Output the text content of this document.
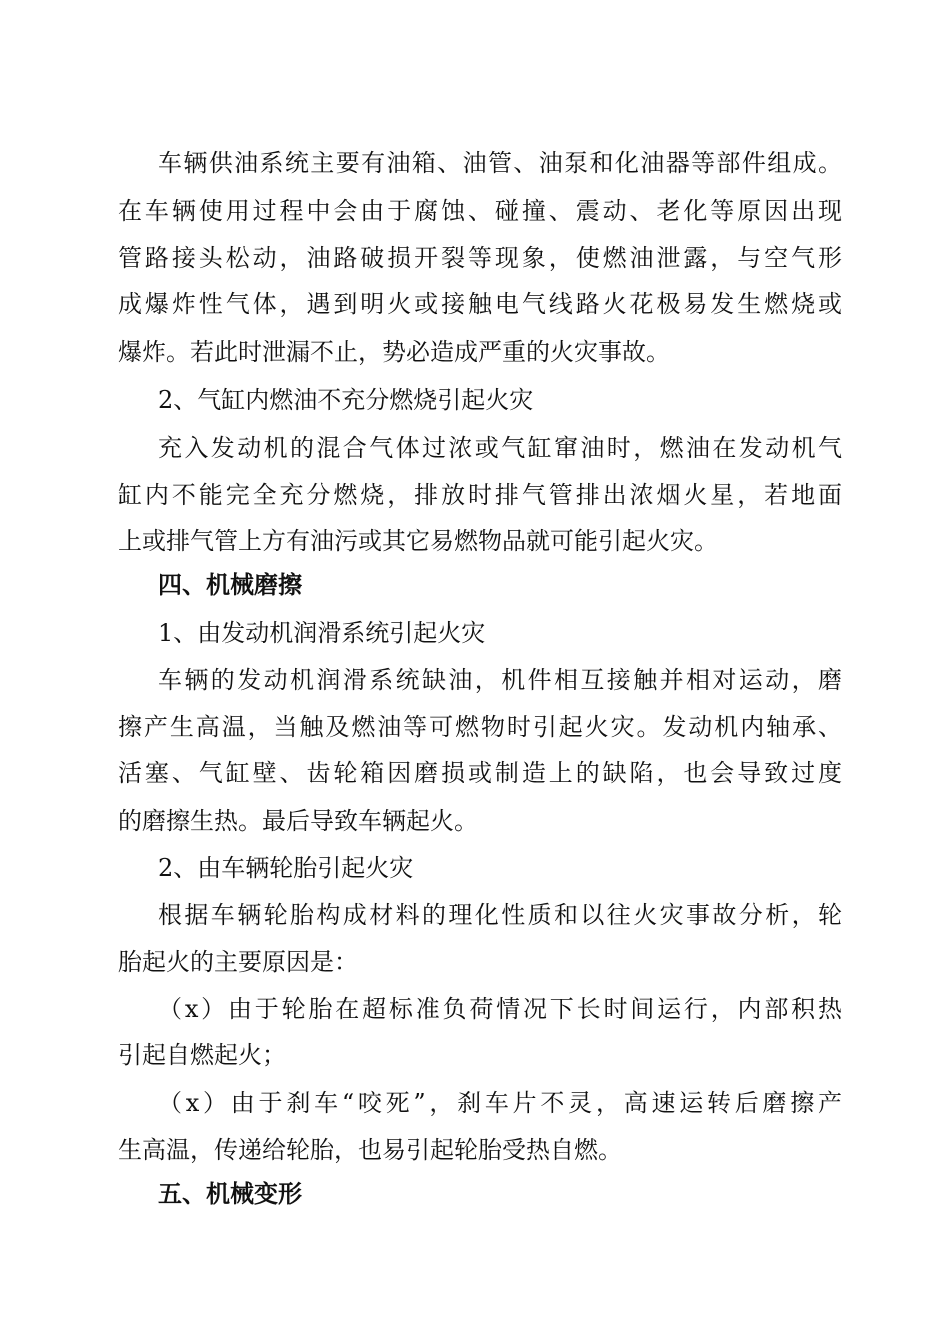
车辆供油系统主要有油箱、油管、油泵和化油器等部件组成。
在车辆使用过程中会由于腐蚀、碰撞、震动、老化等原因出现
管路接头松动，油路破损开裂等现象，使燃油泄露，与空气形
成爆炸性气体，遇到明火或接触电气线路火花极易发生燃烧或
爆炸。若此时泄漏不止，势必造成严重的火灾事故。
2、气缸内燃油不充分燃烧引起火灾
充入发动机的混合气体过浓或气缸窜油时，燃油在发动机气
缸内不能完全充分燃烧，排放时排气管排出浓烟火星，若地面
上或排气管上方有油污或其它易燃物品就可能引起火灾。
四、机械磨擦
1、由发动机润滑系统引起火灾
车辆的发动机润滑系统缺油，机件相互接触并相对运动，磨
擦产生高温，当触及燃油等可燃物时引起火灾。发动机内轴承、
活塞、气缸壁、齿轮箱因磨损或制造上的缺陷，也会导致过度
的磨擦生热。最后导致车辆起火。
2、由车辆轮胎引起火灾
根据车辆轮胎构成材料的理化性质和以往火灾事故分析，轮
胎起火的主要原因是：
（x）由于轮胎在超标准负荷情况下长时间运行，内部积热
引起自燃起火；
（x）由于刹车“咬死”，刹车片不灵，高速运转后磨擦产
生高温，传递给轮胎，也易引起轮胎受热自燃。
五、机械变形
